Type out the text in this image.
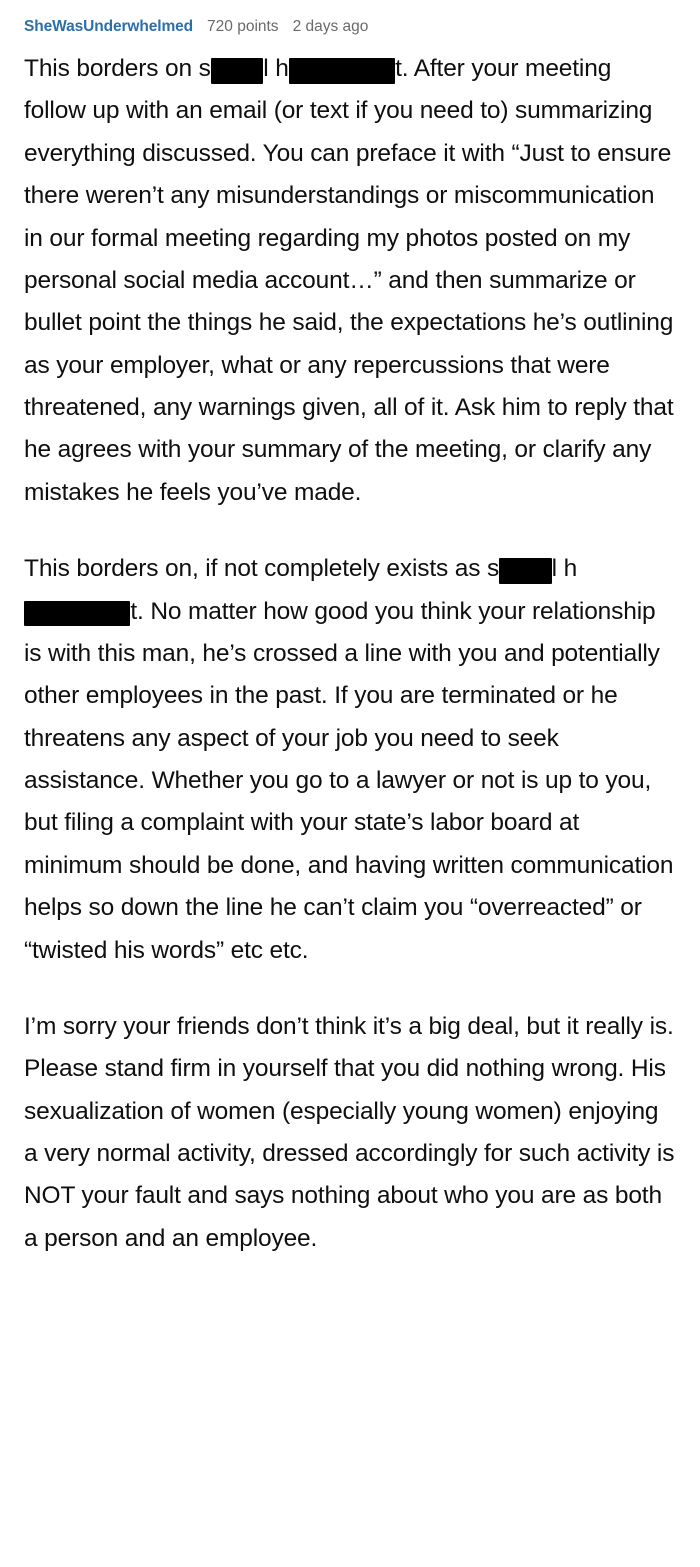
SheWasUnderwhelmed 720 points 2 days ago

This borders on s l h	t. After your meeting follow up with an email (or text if you need to) summarizing everything discussed. You can preface it with “Just to ensure there weren’t any misunderstandings or miscommunication in our formal meeting regarding my photos posted on my personal social media account…” and then summarize or bullet point the things he said, the expectations he’s outlining as your employer, what or any repercussions that were threatened, any warnings given, all of it. Ask him to reply that he agrees with your summary of the meeting, or clarify any mistakes he feels you’ve made.

This borders on, if not completely exists as s l ht. No matter how good you think your relationship is with this man, he’s crossed a line with you and potentially other employees in the past. If you are terminated or he threatens any aspect of your job you need to seek assistance. Whether you go to a lawyer or not is up to you, but filing a complaint with your state’s labor board at minimum should be done, and having written communication helps so down the line he can’t claim you “overreacted” or “twisted his words” etc etc.

I’m sorry your friends don’t think it’s a big deal, but it really is. Please stand firm in yourself that you did nothing wrong. His sexualization of women (especially young women) enjoying a very normal activity, dressed accordingly for such activity is NOT your fault and says nothing about who you are as both a person and an employee.
